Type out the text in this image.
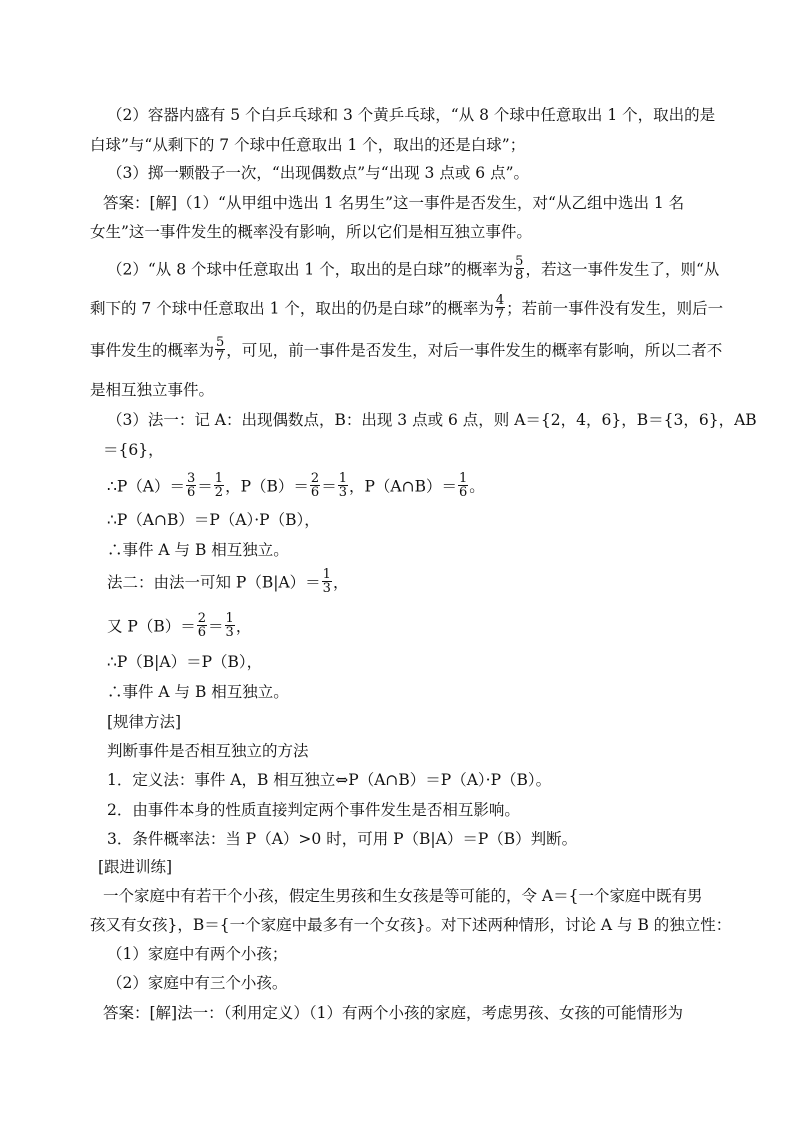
（2）容器内盛有 5 个白乒乓球和 3 个黄乒乓球，“从 8 个球中任意取出 1 个，取出的是
白球”与“从剩下的 7 个球中任意取出 1 个，取出的还是白球”；
（3）掷一颗骰子一次，“出现偶数点”与“出现 3 点或 6 点”。
答案：[解]（1）“从甲组中选出 1 名男生”这一事件是否发生，对“从乙组中选出 1 名
女生”这一事件发生的概率没有影响，所以它们是相互独立事件。
（2）“从 8 个球中任意取出 1 个，取出的是白球”的概率为 $\frac{5}{8}$ ，若这一事件发生了，则“从
剩下的 7 个球中任意取出 1 个，取出的仍是白球”的概率为 $\frac{4}{7}$ ；若前一事件没有发生，则后一
事件发生的概率为 $\frac{5}{7}$ ，可见，前一事件是否发生，对后一事件发生的概率有影响，所以二者不
是相互独立事件。
（3）法一：记 A：出现偶数点，B：出现 3 点或 6 点，则 A＝{2，4，6}，B＝{3，6}，AB
＝{6}，
∴P（A）＝ $\frac{3}{6} = \frac{1}{2}$ ，$P(B)= \frac{2}{6} = \frac{1}{3}$ ，P（A∩B）＝ $\frac{1}{6}$ 。
∴P（A∩B）＝P（A）·P（B），
∴事件 A 与 B 相互独立。
法二：由法一可知 $P(B|A)= \frac{1}{3}$ ，
又 $P(B)= \frac{2}{6} = \frac{1}{3}$ ，
∴P（B|A）＝P（B），
∴事件 A 与 B 相互独立。
[规律方法]
判断事件是否相互独立的方法
1．定义法：事件 A，B 相互独立⇔P（A∩B）＝P（A）·P（B）。
2．由事件本身的性质直接判定两个事件发生是否相互影响。
3．条件概率法：当 P（A）>0 时，可用 P（B|A）＝P（B）判断。
[跟进训练]
一个家庭中有若干个小孩，假定生男孩和生女孩是等可能的，令 A＝{一个家庭中既有男
孩又有女孩}，B＝{一个家庭中最多有一个女孩}。对下述两种情形，讨论 A 与 B 的独立性：
（1）家庭中有两个小孩；
（2）家庭中有三个小孩。
答案：[解]法一：（利用定义）（1）有两个小孩的家庭，考虑男孩、女孩的可能情形为
